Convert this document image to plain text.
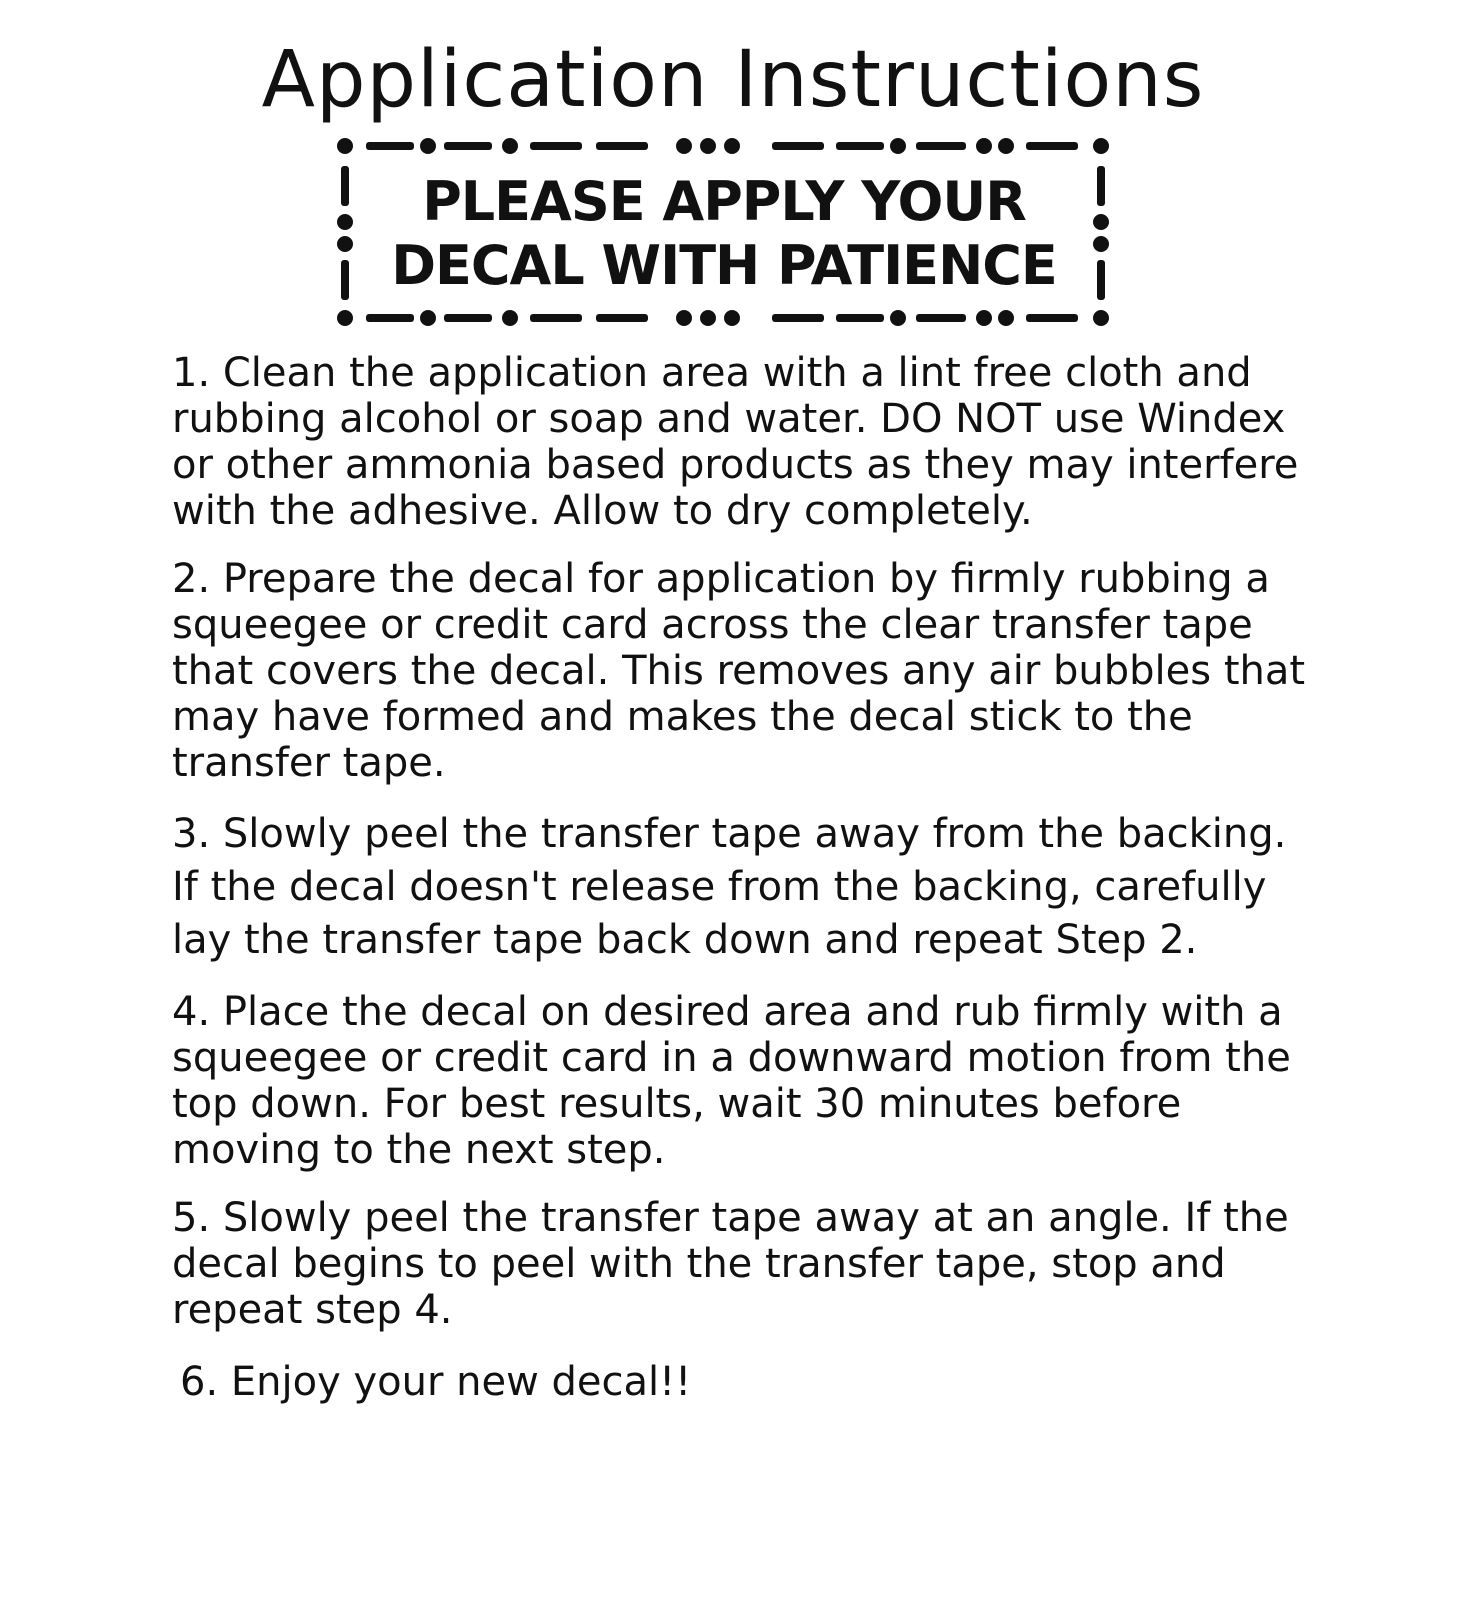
Application Instructions
PLEASE APPLY YOUR
DECAL WITH PATIENCE

1. Clean the application area with a lint free cloth and rubbing alcohol or soap and water. DO NOT use Windex or other ammonia based products as they may interfere with the adhesive. Allow to dry completely.

2. Prepare the decal for application by firmly rubbing a squeegee or credit card across the clear transfer tape that covers the decal. This removes any air bubbles that may have formed and makes the decal stick to the transfer tape.

3. Slowly peel the transfer tape away from the backing. If the decal doesn't release from the backing, carefully lay the transfer tape back down and repeat Step 2.

4. Place the decal on desired area and rub firmly with a squeegee or credit card in a downward motion from the top down. For best results, wait 30 minutes before moving to the next step.

5. Slowly peel the transfer tape away at an angle. If the decal begins to peel with the transfer tape, stop and repeat step 4.

6. Enjoy your new decal!!
